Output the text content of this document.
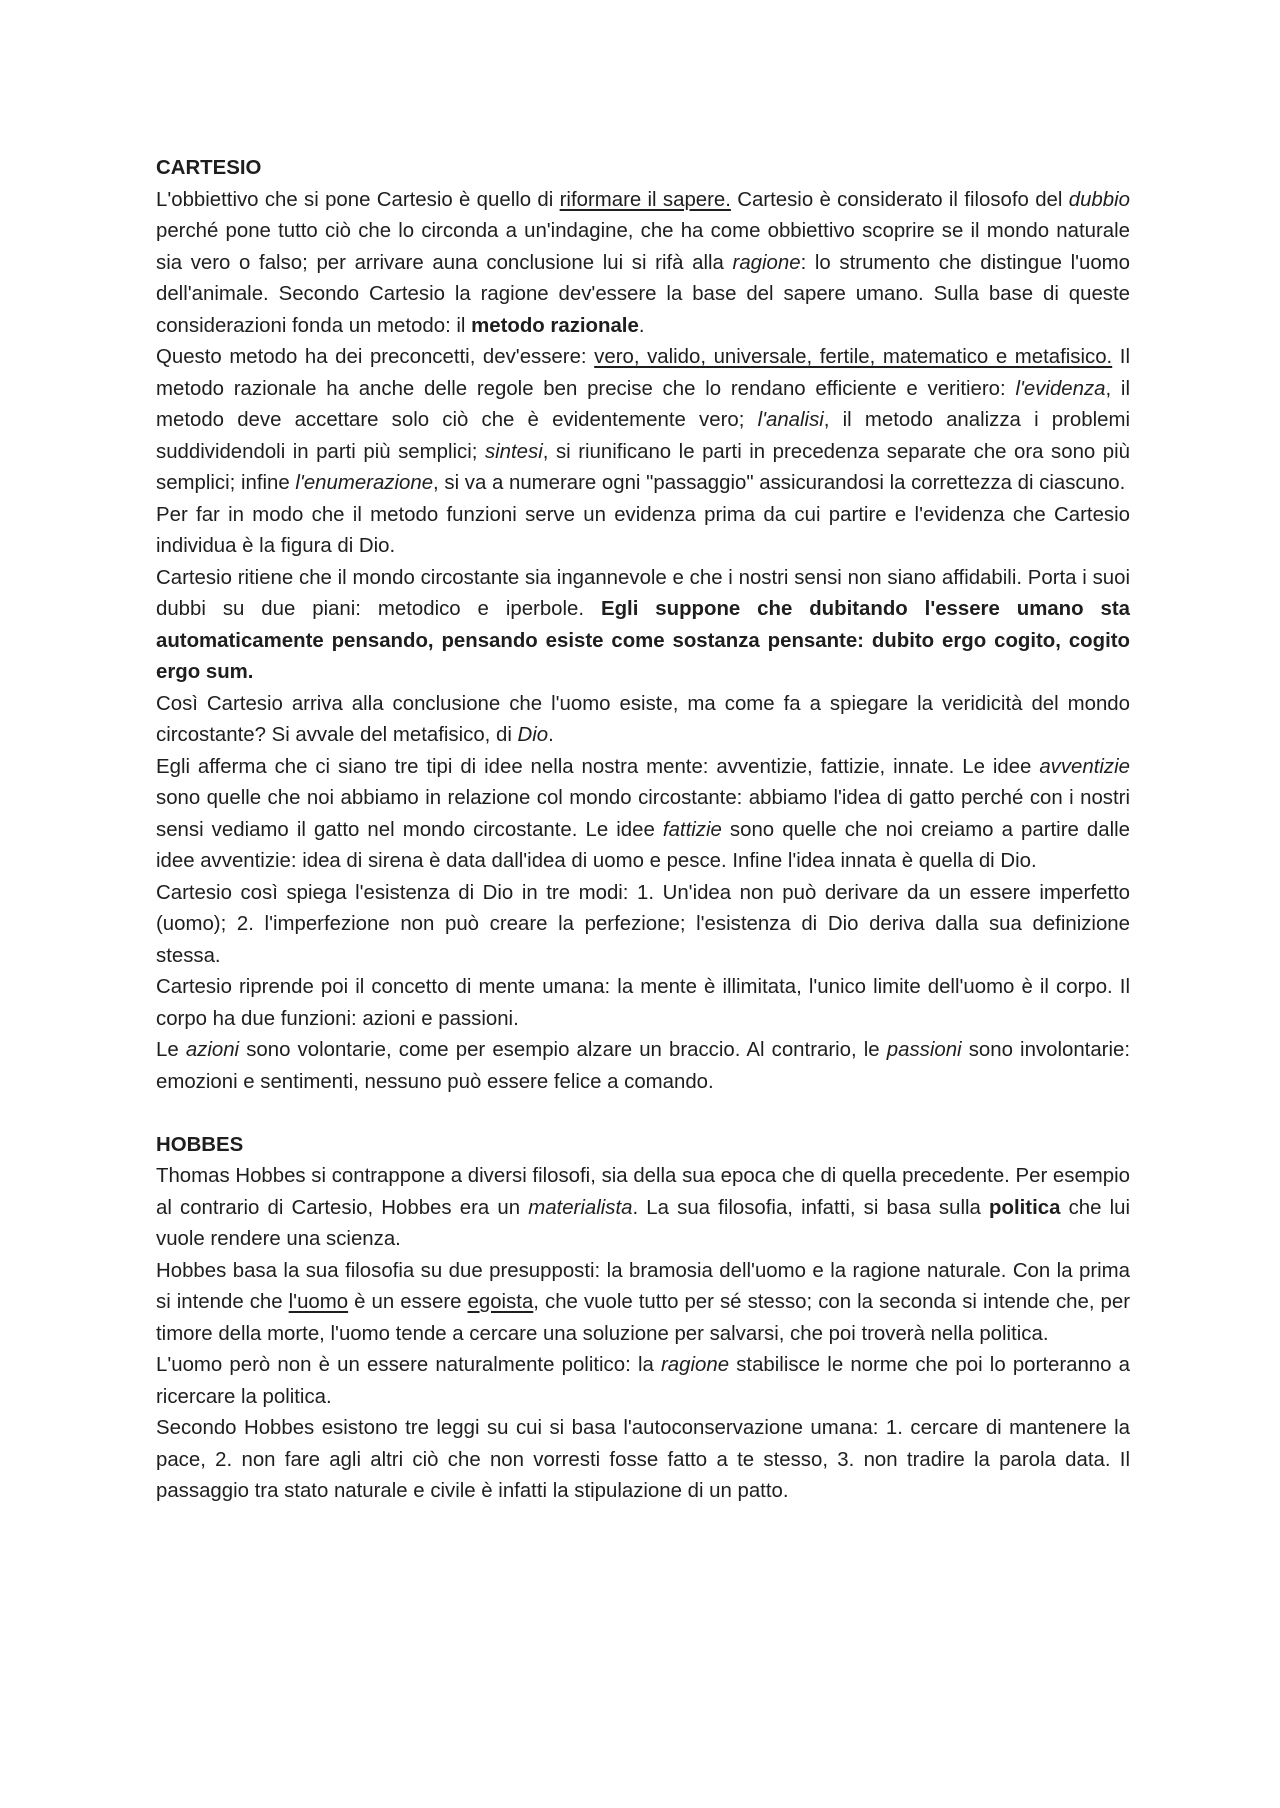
CARTESIO

L'obbiettivo che si pone Cartesio è quello di riformare il sapere. Cartesio è considerato il filosofo del dubbio perché pone tutto ciò che lo circonda a un'indagine, che ha come obbiettivo scoprire se il mondo naturale sia vero o falso; per arrivare auna conclusione lui si rifà alla ragione: lo strumento che distingue l'uomo dell'animale. Secondo Cartesio la ragione dev'essere la base del sapere umano. Sulla base di queste considerazioni fonda un metodo: il metodo razionale.

Questo metodo ha dei preconcetti, dev'essere: vero, valido, universale, fertile, matematico e metafisico. Il metodo razionale ha anche delle regole ben precise che lo rendano efficiente e veritiero: l'evidenza, il metodo deve accettare solo ciò che è evidentemente vero; l'analisi, il metodo analizza i problemi suddividendoli in parti più semplici; sintesi, si riunificano le parti in precedenza separate che ora sono più semplici; infine l'enumerazione, si va a numerare ogni "passaggio" assicurandosi la correttezza di ciascuno.

Per far in modo che il metodo funzioni serve un evidenza prima da cui partire e l'evidenza che Cartesio individua è la figura di Dio.

Cartesio ritiene che il mondo circostante sia ingannevole e che i nostri sensi non siano affidabili. Porta i suoi dubbi su due piani: metodico e iperbole. Egli suppone che dubitando l'essere umano sta automaticamente pensando, pensando esiste come sostanza pensante: dubito ergo cogito, cogito ergo sum.

Così Cartesio arriva alla conclusione che l'uomo esiste, ma come fa a spiegare la veridicità del mondo circostante? Si avvale del metafisico, di Dio.

Egli afferma che ci siano tre tipi di idee nella nostra mente: avventizie, fattizie, innate. Le idee avventizie sono quelle che noi abbiamo in relazione col mondo circostante: abbiamo l'idea di gatto perché con i nostri sensi vediamo il gatto nel mondo circostante. Le idee fattizie sono quelle che noi creiamo a partire dalle idee avventizie: idea di sirena è data dall'idea di uomo e pesce. Infine l'idea innata è quella di Dio.

Cartesio così spiega l'esistenza di Dio in tre modi: 1. Un'idea non può derivare da un essere imperfetto (uomo); 2. l'imperfezione non può creare la perfezione; l'esistenza di Dio deriva dalla sua definizione stessa.

Cartesio riprende poi il concetto di mente umana: la mente è illimitata, l'unico limite dell'uomo è il corpo. Il corpo ha due funzioni: azioni e passioni.

Le azioni sono volontarie, come per esempio alzare un braccio. Al contrario, le passioni sono involontarie: emozioni e sentimenti, nessuno può essere felice a comando.

HOBBES

Thomas Hobbes si contrappone a diversi filosofi, sia della sua epoca che di quella precedente. Per esempio al contrario di Cartesio, Hobbes era un materialista. La sua filosofia, infatti, si basa sulla politica che lui vuole rendere una scienza.

Hobbes basa la sua filosofia su due presupposti: la bramosia dell'uomo e la ragione naturale. Con la prima si intende che l'uomo è un essere egoista, che vuole tutto per sé stesso; con la seconda si intende che, per timore della morte, l'uomo tende a cercare una soluzione per salvarsi, che poi troverà nella politica.

L'uomo però non è un essere naturalmente politico: la ragione stabilisce le norme che poi lo porteranno a ricercare la politica.

Secondo Hobbes esistono tre leggi su cui si basa l'autoconservazione umana: 1. cercare di mantenere la pace, 2. non fare agli altri ciò che non vorresti fosse fatto a te stesso, 3. non tradire la parola data. Il passaggio tra stato naturale e civile è infatti la stipulazione di un patto.
